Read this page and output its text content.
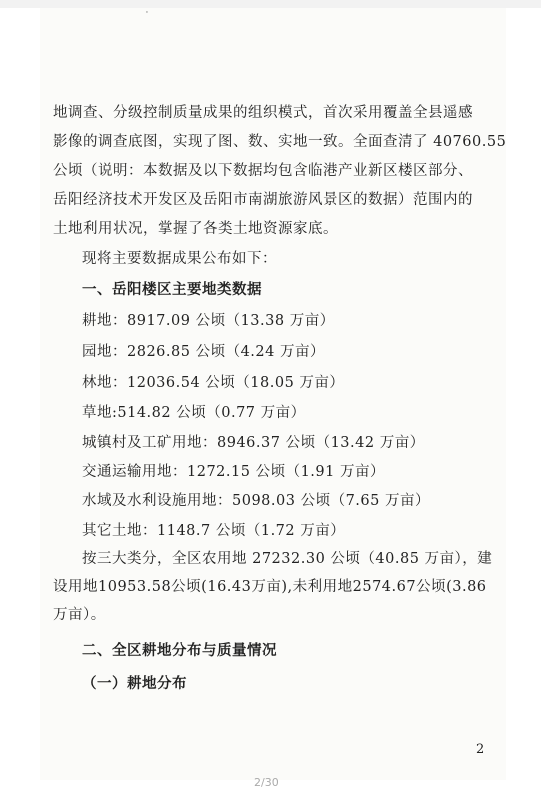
'
地调查、分级控制质量成果的组织模式，首次采用覆盖全县遥感
影像的调查底图，实现了图、数、实地一致。全面查清了 40760.55
公顷（说明：本数据及以下数据均包含临港产业新区楼区部分、
岳阳经济技术开发区及岳阳市南湖旅游风景区的数据）范围内的
土地利用状况，掌握了各类土地资源家底。
现将主要数据成果公布如下：
一、岳阳楼区主要地类数据
耕地：8917.09 公顷（13.38 万亩）
园地：2826.85 公顷（4.24 万亩）
林地：12036.54 公顷（18.05 万亩）
草地:514.82 公顷（0.77 万亩）
城镇村及工矿用地：8946.37 公顷（13.42 万亩）
交通运输用地：1272.15 公顷（1.91 万亩）
水域及水利设施用地：5098.03 公顷（7.65 万亩）
其它土地：1148.7 公顷（1.72 万亩）
按三大类分，全区农用地 27232.30 公顷（40.85 万亩），建
设用地10953.58公顷(16.43万亩),未利用地2574.67公顷(3.86
万亩）。
二、全区耕地分布与质量情况
（一）耕地分布
2
2/30
